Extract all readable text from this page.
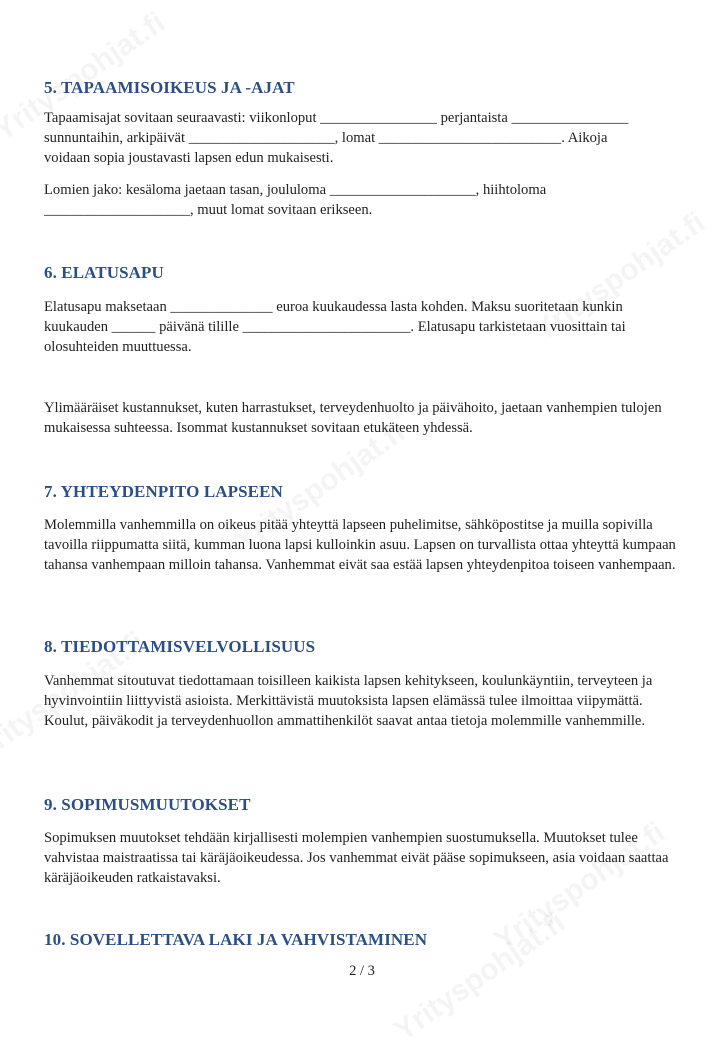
5. TAPAAMISOIKEUS JA -AJAT

Tapaamisajat sovitaan seuraavasti: viikonloput ________________ perjantaista ________________ sunnuntaihin, arkipäivät ____________________, lomat _________________________. Aikoja voidaan sopia joustavasti lapsen edun mukaisesti.

Lomien jako: kesäloma jaetaan tasan, joululoma ____________________, hiihtoloma ____________________, muut lomat sovitaan erikseen.

6. ELATUSAPU

Elatusapu maksetaan ______________ euroa kuukaudessa lasta kohden. Maksu suoritetaan kunkin kuukauden ______ päivänä tilille _______________________. Elatusapu tarkistetaan vuosittain tai olosuhteiden muuttuessa.

Ylimääräiset kustannukset, kuten harrastukset, terveydenhuolto ja päivähoito, jaetaan vanhempien tulojen mukaisessa suhteessa. Isommat kustannukset sovitaan etukäteen yhdessä.

7. YHTEYDENPITO LAPSEEN

Molemmilla vanhemmilla on oikeus pitää yhteyttä lapseen puhelimitse, sähköpostitse ja muilla sopivilla tavoilla riippumatta siitä, kumman luona lapsi kulloinkin asuu. Lapsen on turvallista ottaa yhteyttä kumpaan tahansa vanhempaan milloin tahansa. Vanhemmat eivät saa estää lapsen yhteydenpitoa toiseen vanhempaan.

8. TIEDOTTAMISVELVOLLISUUS

Vanhemmat sitoutuvat tiedottamaan toisilleen kaikista lapsen kehitykseen, koulunkäyntiin, terveyteen ja hyvinvointiin liittyvistä asioista. Merkittävistä muutoksista lapsen elämässä tulee ilmoittaa viipymättä. Koulut, päiväkodit ja terveydenhuollon ammattihenkilöt saavat antaa tietoja molemmille vanhemmille.

9. SOPIMUSMUUTOKSET

Sopimuksen muutokset tehdään kirjallisesti molempien vanhempien suostumuksella. Muutokset tulee vahvistaa maistraatissa tai käräjäoikeudessa. Jos vanhemmat eivät pääse sopimukseen, asia voidaan saattaa käräjäoikeuden ratkaistavaksi.

10. SOVELLETTAVA LAKI JA VAHVISTAMINEN
2 / 3
